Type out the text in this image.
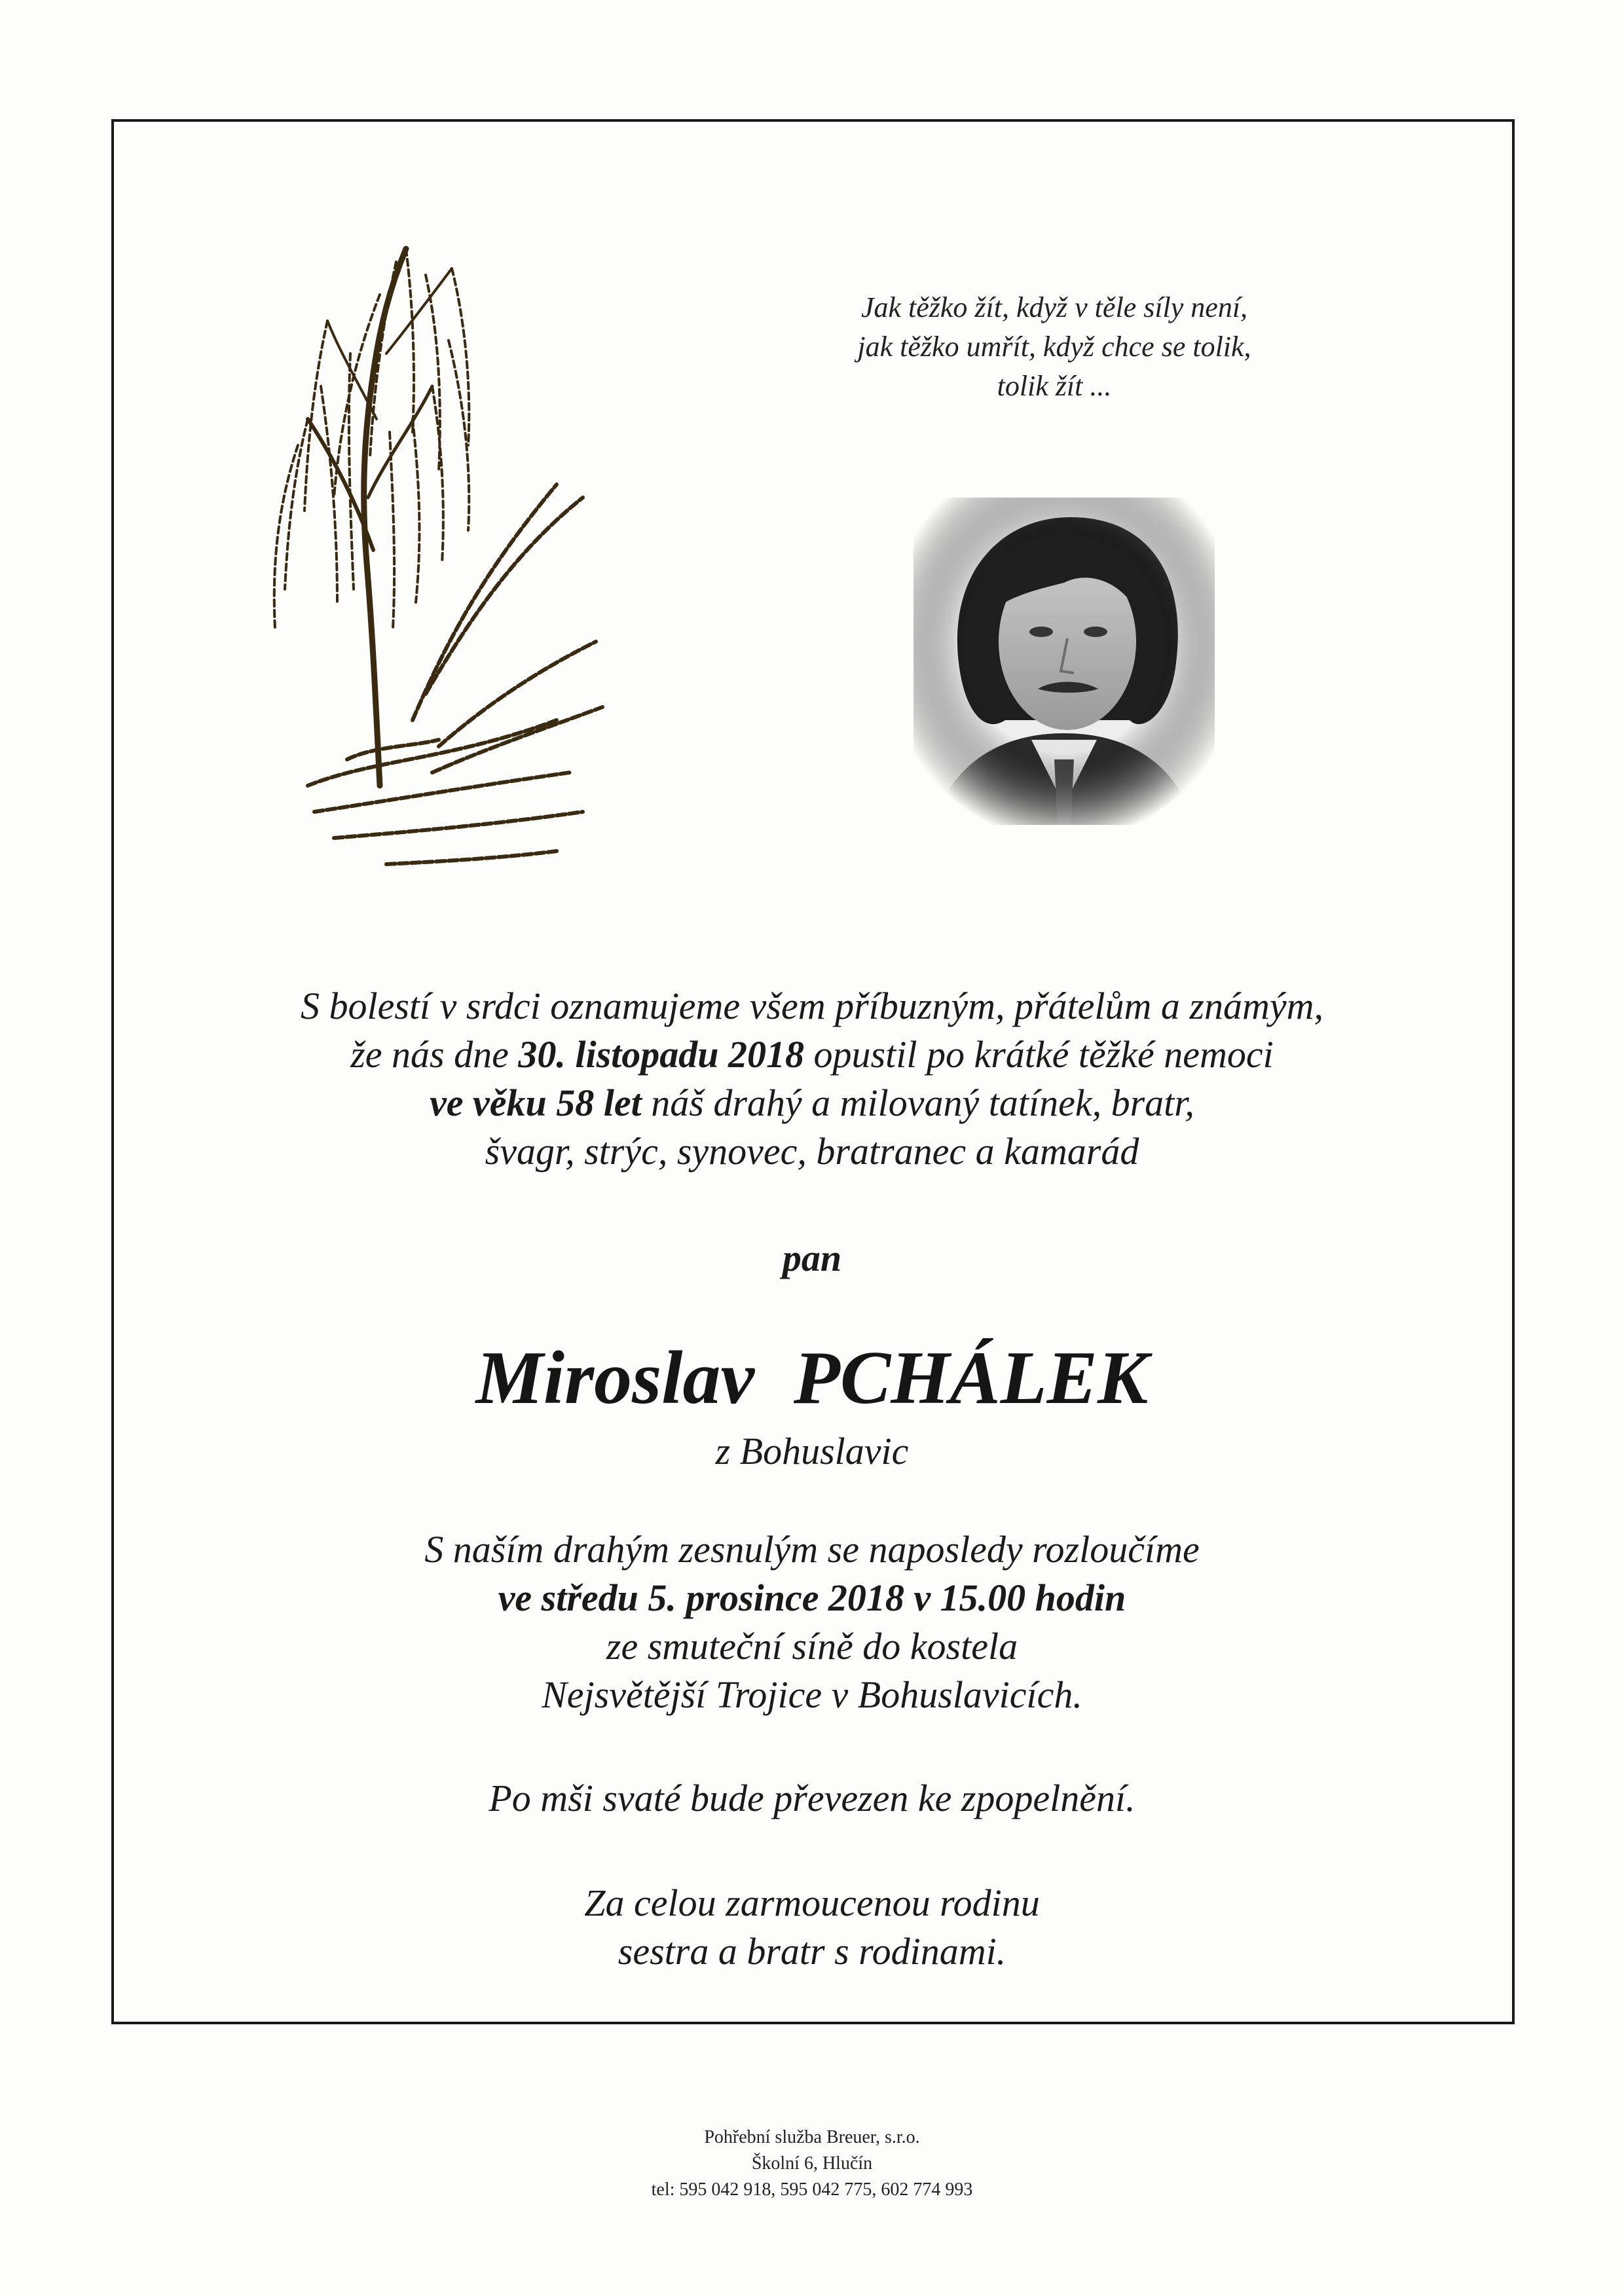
Jak těžko žít, když v těle síly není,
jak těžko umřít, když chce se tolik,
tolik žít ...
S bolestí v srdci oznamujeme všem příbuzným, přátelům a známým,
že nás dne 30. listopadu 2018 opustil po krátké těžké nemoci
ve věku 58 let náš drahý a milovaný tatínek, bratr,
švagr, strýc, synovec, bratranec a kamarád
pan
Miroslav PCHÁLEK
z Bohuslavic
S naším drahým zesnulým se naposledy rozloučíme
ve středu 5. prosince 2018 v 15.00 hodin
ze smuteční síně do kostela
Nejsvětější Trojice v Bohuslavicích.
Po mši svaté bude převezen ke zpopelnění.
Za celou zarmoucenou rodinu
sestra a bratr s rodinami.
Pohřební služba Breuer, s.r.o.
Školní 6, Hlučín
tel: 595 042 918, 595 042 775, 602 774 993
